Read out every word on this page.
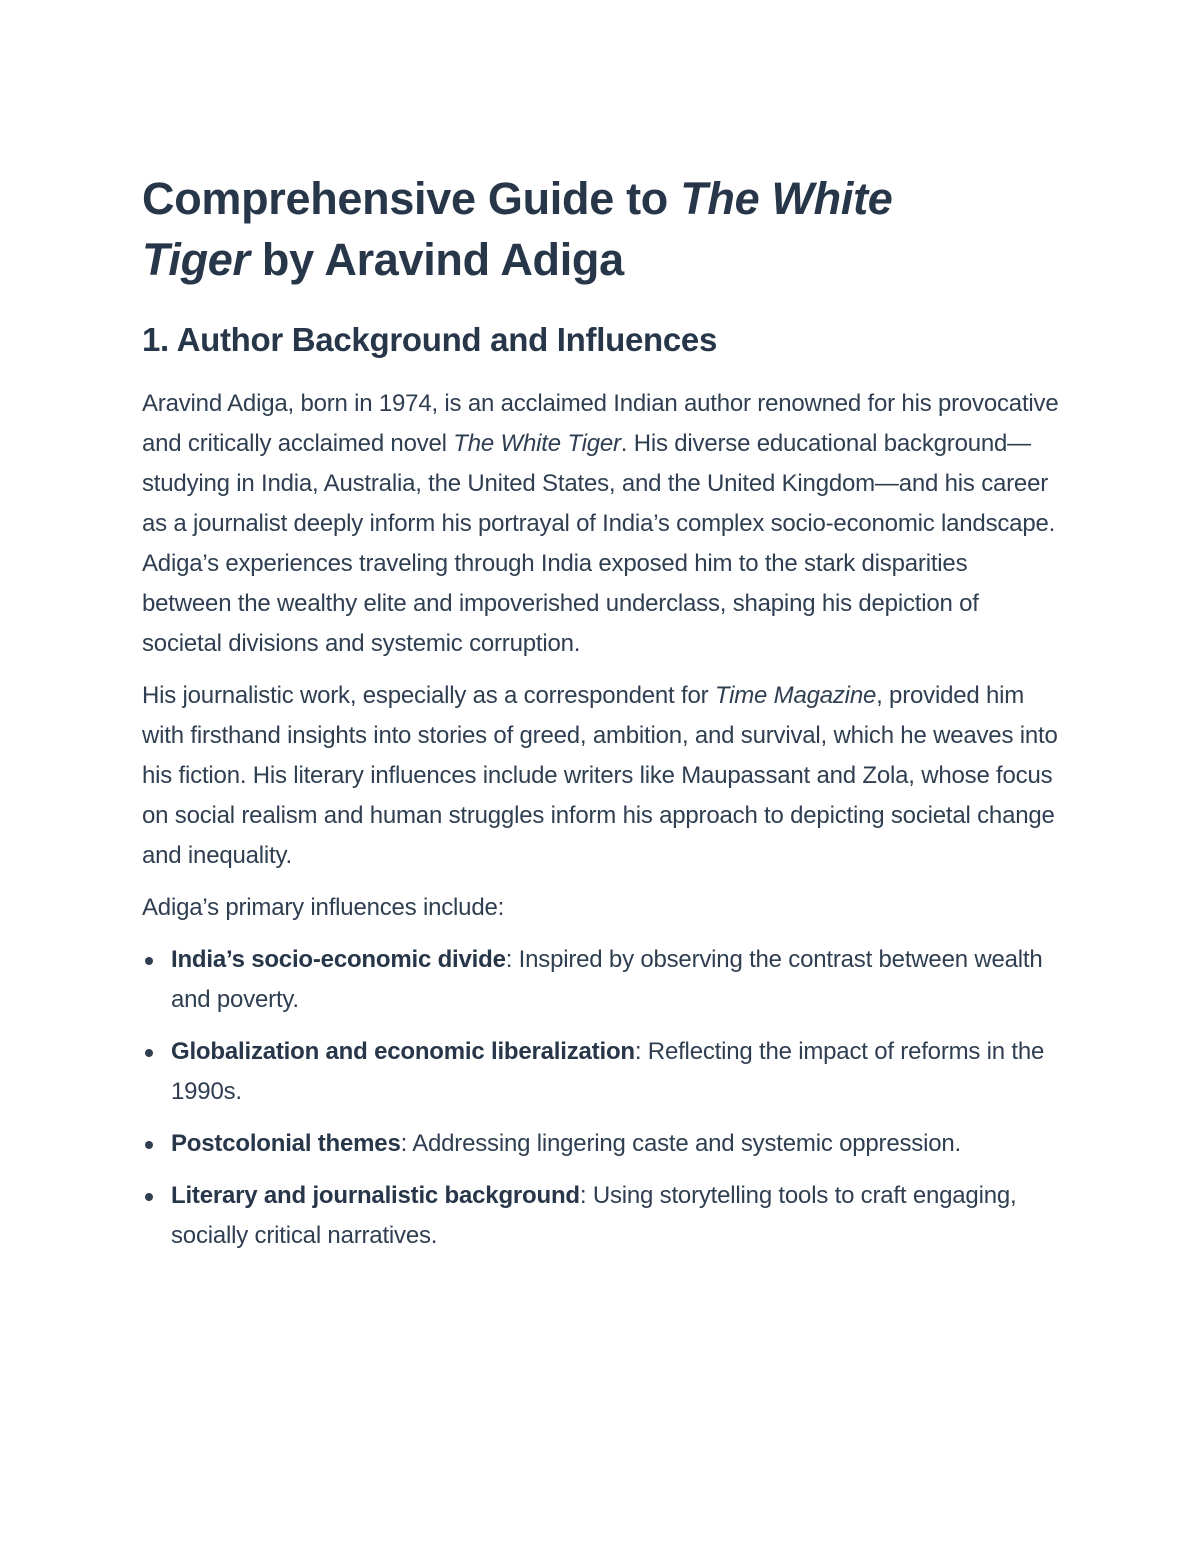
Comprehensive Guide to The White
Tiger by Aravind Adiga
1. Author Background and Influences

Aravind Adiga, born in 1974, is an acclaimed Indian author renowned for his provocative and critically acclaimed novel The White Tiger. His diverse educational background—studying in India, Australia, the United States, and the United Kingdom—and his career as a journalist deeply inform his portrayal of India’s complex socio-economic landscape. Adiga’s experiences traveling through India exposed him to the stark disparities between the wealthy elite and impoverished underclass, shaping his depiction of societal divisions and systemic corruption.

His journalistic work, especially as a correspondent for Time Magazine, provided him with firsthand insights into stories of greed, ambition, and survival, which he weaves into his fiction. His literary influences include writers like Maupassant and Zola, whose focus on social realism and human struggles inform his approach to depicting societal change and inequality.

Adiga’s primary influences include:

India’s socio-economic divide: Inspired by observing the contrast between wealth and poverty.
Globalization and economic liberalization: Reflecting the impact of reforms in the 1990s.
Postcolonial themes: Addressing lingering caste and systemic oppression.
Literary and journalistic background: Using storytelling tools to craft engaging, socially critical narratives.
